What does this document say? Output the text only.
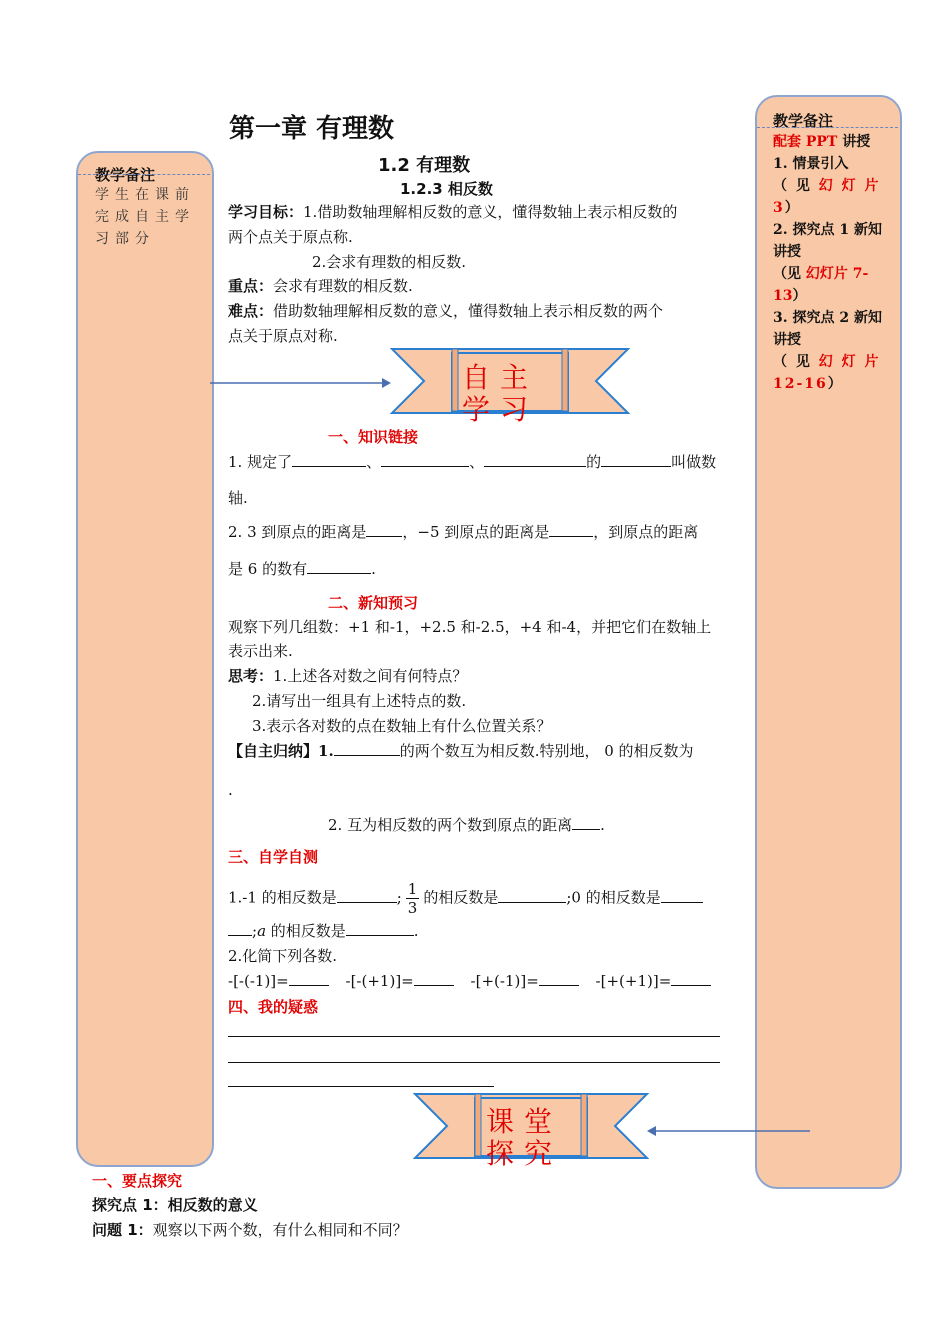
教学备注
学生在课前完成自主学习部分
教学备注
配套 PPT 讲授
1. 情景引入
（ 见 幻 灯 片 3）
2. 探究点 1 新知讲授
（见 幻灯片 7-13）
3. 探究点 2 新知讲授
（ 见 幻 灯 片 12-16）
第一章 有理数
1.2 有理数
1.2.3 相反数
学习目标：1.借助数轴理解相反数的意义，懂得数轴上表示相反数的
两个点关于原点称.
2.会求有理数的相反数.
重点：会求有理数的相反数.
难点：借助数轴理解相反数的意义，懂得数轴上表示相反数的两个
点关于原点对称.
自主学习
一、知识链接
1. 规定了	、	、	的	叫做数
轴.
2. 3 到原点的距离是 ，−5 到原点的距离是	，到原点的距离
是 6 的数有	.
二、新知预习
观察下列几组数：+1 和-1，+2.5 和-2.5，+4 和-4，并把它们在数轴上
表示出来.
思考：1.上述各对数之间有何特点？
2.请写出一组具有上述特点的数.
3.表示各对数的点在数轴上有什么位置关系？
【自主归纳】1.	的两个数互为相反数.特别地， 0 的相反数为
.
2. 互为相反数的两个数到原点的距离 .
三、自学自测
1.-1 的相反数是	; $\frac{1}{3}$ 的相反数是	;0 的相反数是
;a 的相反数是	.
2.化简下列各数.
-[-(-1)]=	-[-(+1)]=	-[+(-1)]=	-[+(+1)]=
四、我的疑惑
课堂探究
一、要点探究
探究点 1：相反数的意义
问题 1：观察以下两个数，有什么相同和不同？
